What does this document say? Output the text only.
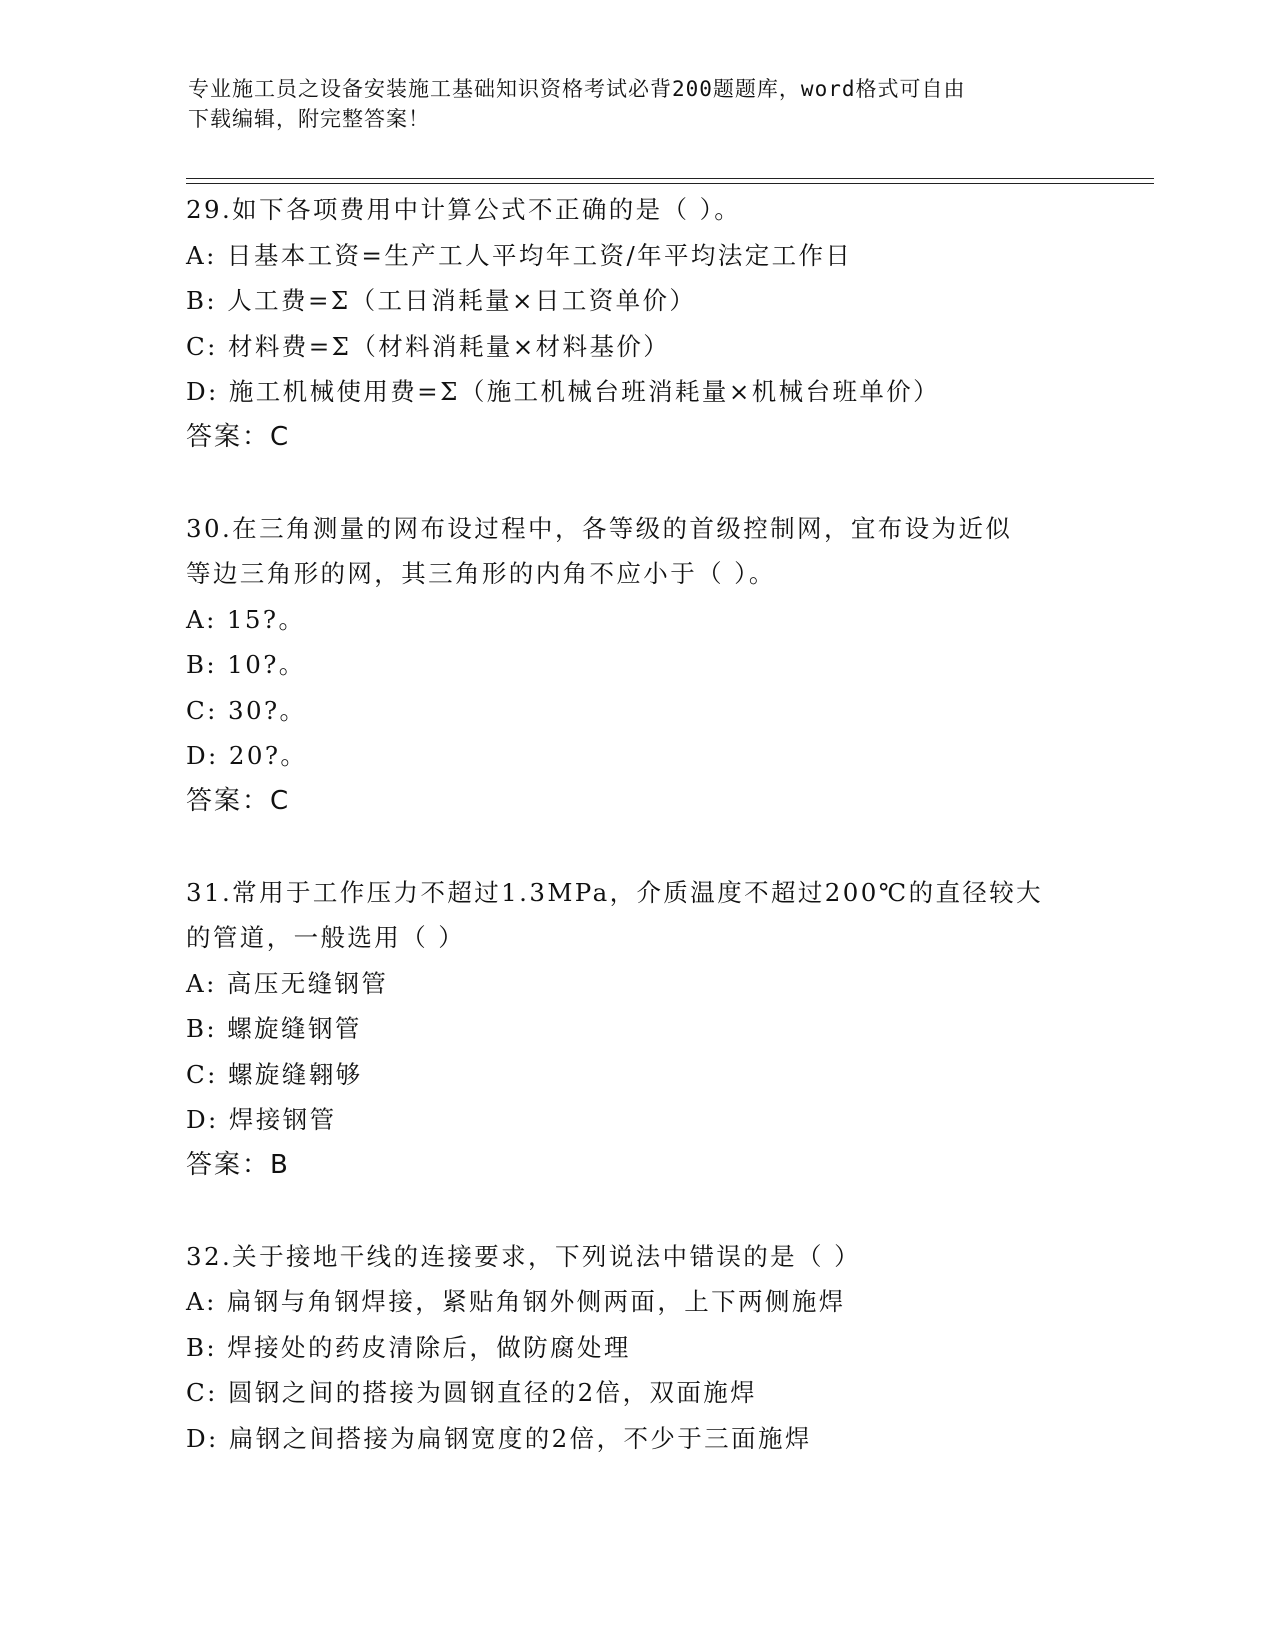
专业施工员之设备安装施工基础知识资格考试必背200题题库，word格式可自由
下载编辑，附完整答案！
29.如下各项费用中计算公式不正确的是（ ）。
A: 日基本工资=生产工人平均年工资/年平均法定工作日
B: 人工费=Σ（工日消耗量×日工资单价）
C: 材料费=Σ（材料消耗量×材料基价）
D: 施工机械使用费=Σ（施工机械台班消耗量×机械台班单价）
答案：C
30.在三角测量的网布设过程中，各等级的首级控制网，宜布设为近似
等边三角形的网，其三角形的内角不应小于（ ）。
A: 15?。
B: 10?。
C: 30?。
D: 20?。
答案：C
31.常用于工作压力不超过1.3MPa，介质温度不超过200℃的直径较大
的管道，一般选用（ ）
A: 高压无缝钢管
B: 螺旋缝钢管
C: 螺旋缝翱够
D: 焊接钢管
答案：B
32.关于接地干线的连接要求，下列说法中错误的是（ ）
A: 扁钢与角钢焊接，紧贴角钢外侧两面，上下两侧施焊
B: 焊接处的药皮清除后，做防腐处理
C: 圆钢之间的搭接为圆钢直径的2倍，双面施焊
D: 扁钢之间搭接为扁钢宽度的2倍，不少于三面施焊
